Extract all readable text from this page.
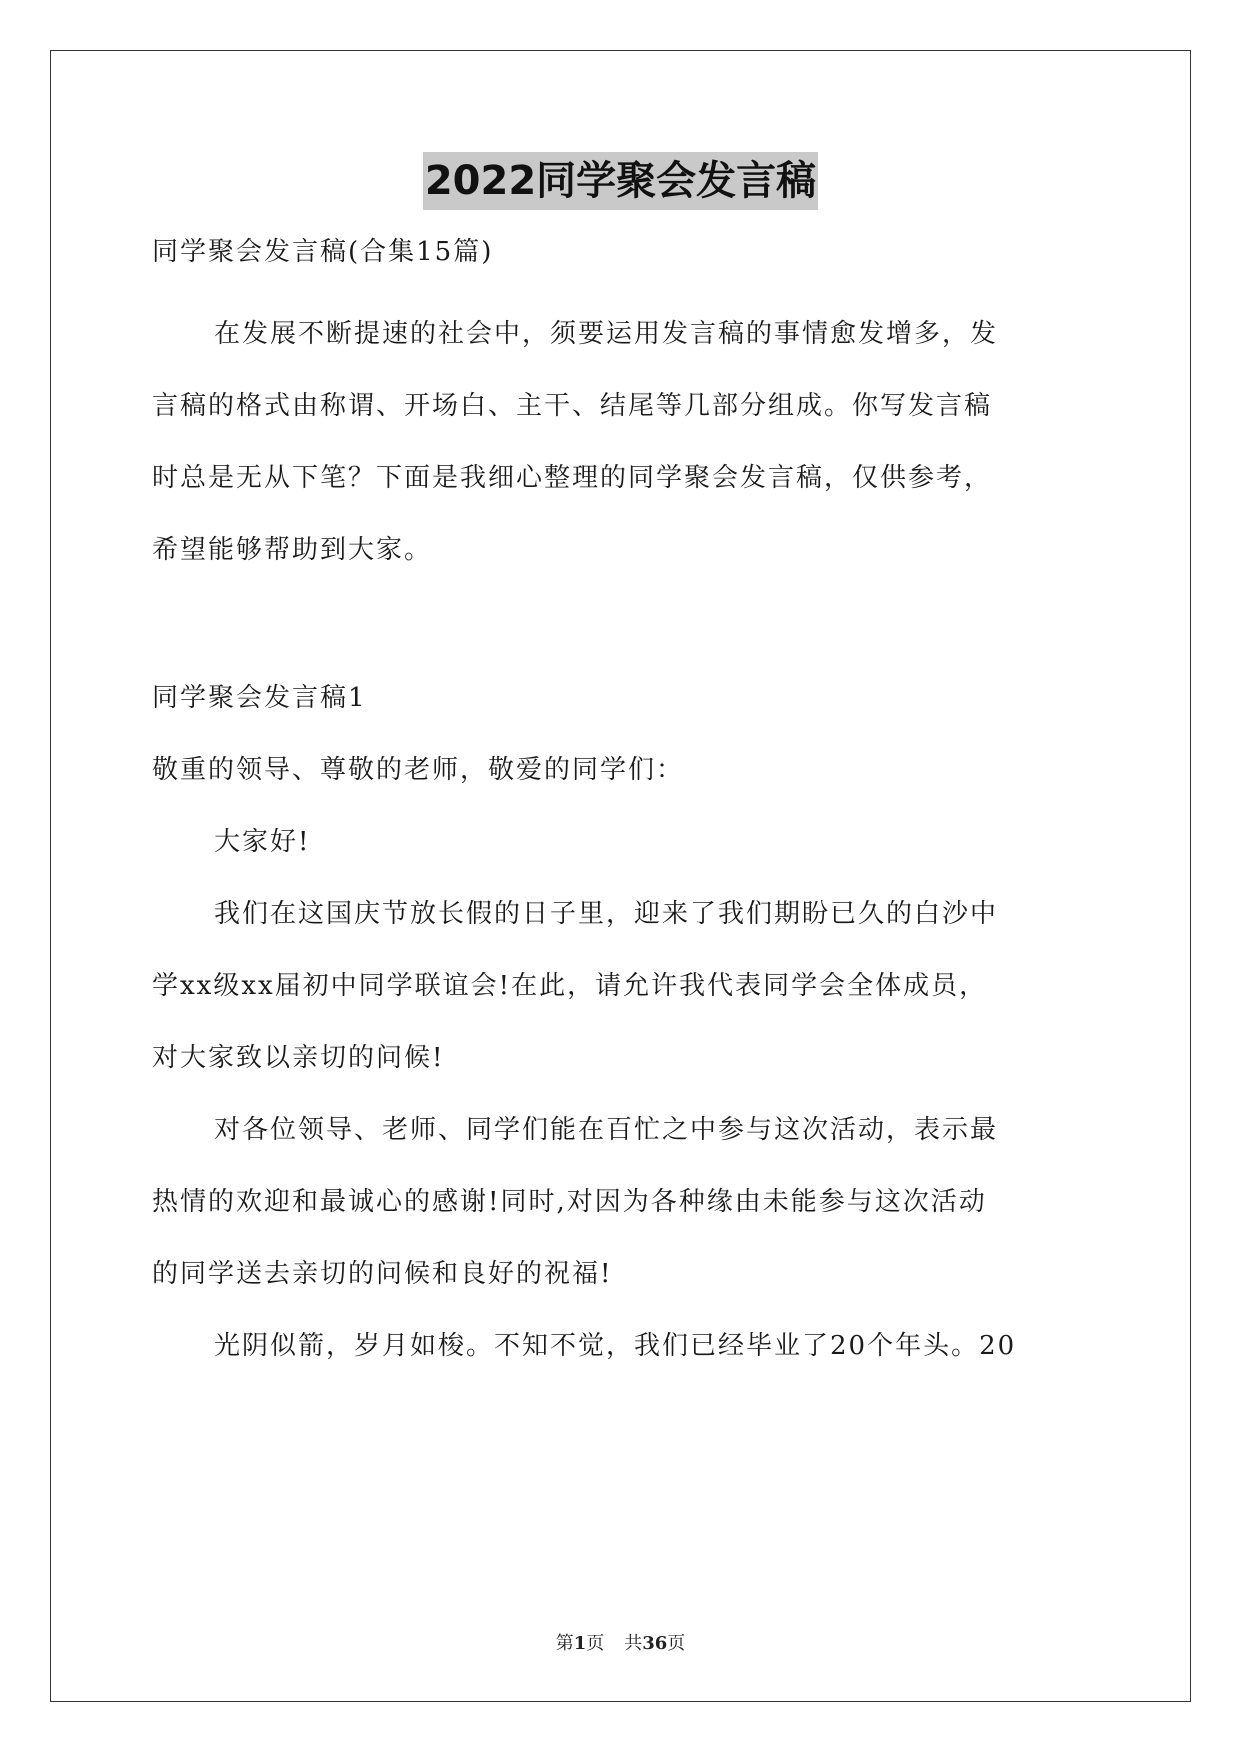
2022同学聚会发言稿
同学聚会发言稿(合集15篇)
在发展不断提速的社会中，须要运用发言稿的事情愈发增多，发
言稿的格式由称谓、开场白、主干、结尾等几部分组成。你写发言稿
时总是无从下笔？下面是我细心整理的同学聚会发言稿，仅供参考，
希望能够帮助到大家。
同学聚会发言稿1
敬重的领导、尊敬的老师，敬爱的同学们：
大家好!
我们在这国庆节放长假的日子里，迎来了我们期盼已久的白沙中
学xx级xx届初中同学联谊会!在此，请允许我代表同学会全体成员，
对大家致以亲切的问候!
对各位领导、老师、同学们能在百忙之中参与这次活动，表示最
热情的欢迎和最诚心的感谢!同时,对因为各种缘由未能参与这次活动
的同学送去亲切的问候和良好的祝福!
光阴似箭，岁月如梭。不知不觉，我们已经毕业了20个年头。20
第1页 共36页
